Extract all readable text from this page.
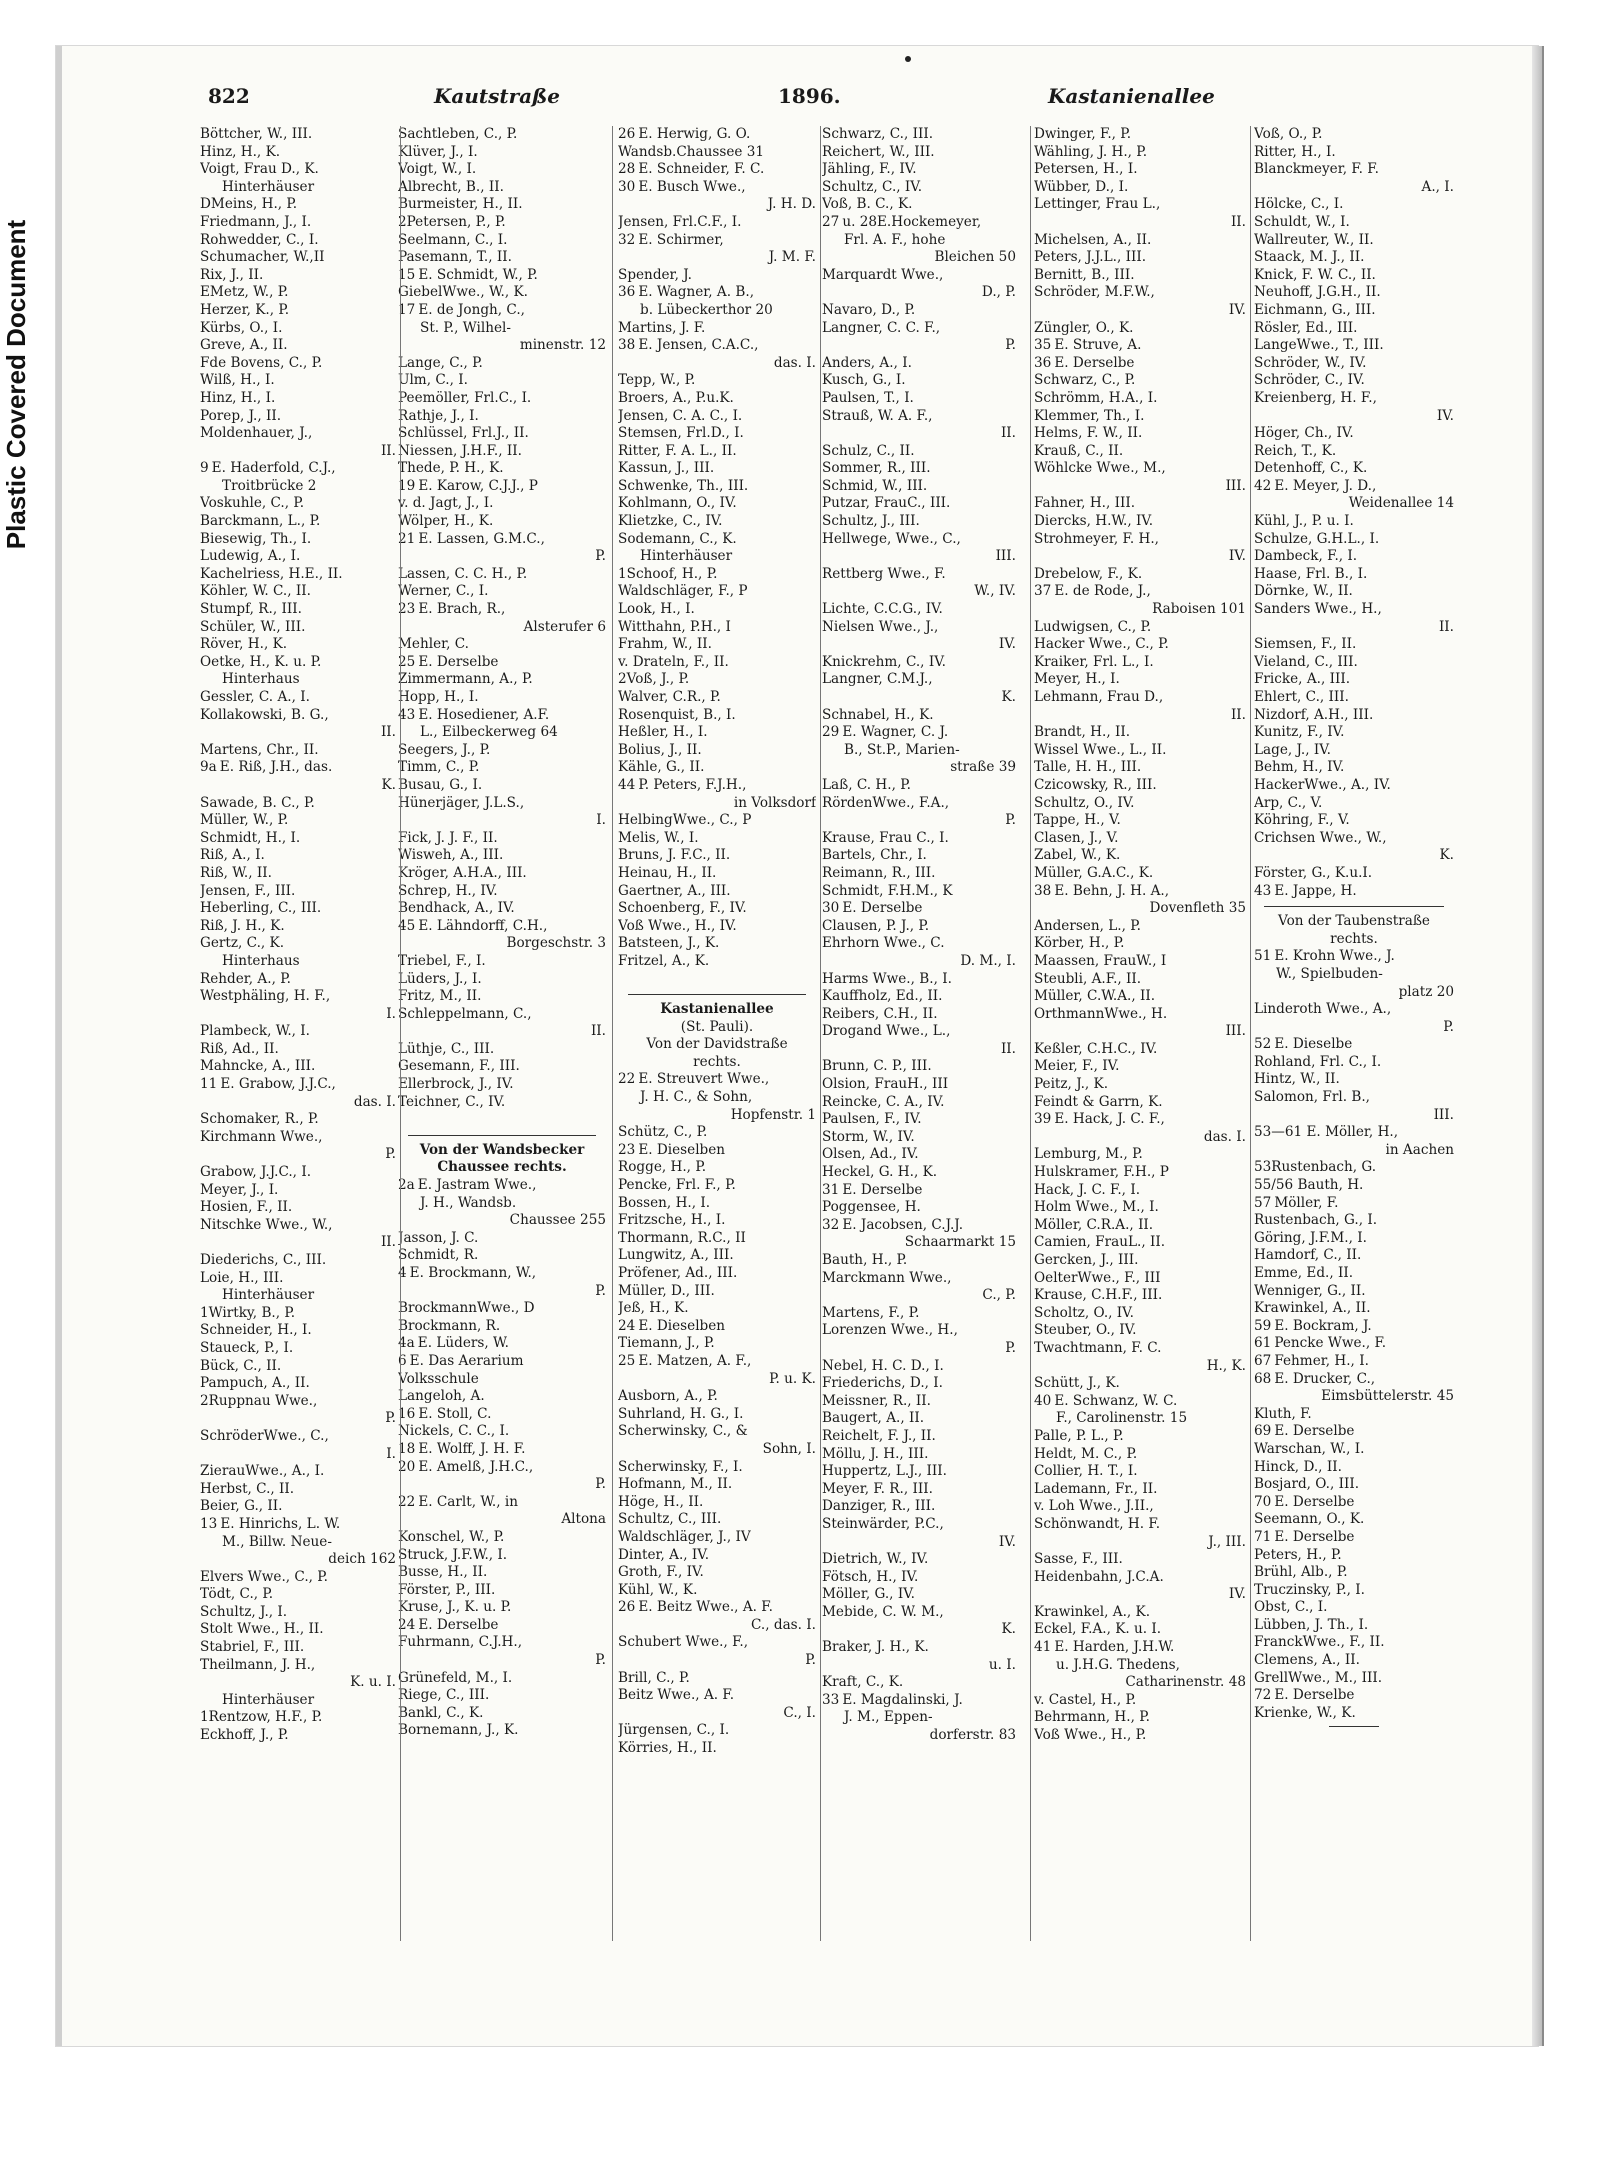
Plastic Covered Document
822	Kautstraße	1896.	Kastanienallee
Böttcher, W., III.
Hinz, H., K.
Voigt, Frau D., K.
Hinterhäuser
DMeins, H., P.
Friedmann, J., I.
Rohwedder, C., I.
Schumacher, W.,II
Rix, J., II.
EMetz, W., P.
Herzer, K., P.
Kürbs, O., I.
Greve, A., II.
Fde Bovens, C., P.
Wilß, H., I.
Hinz, H., I.
Porep, J., II.
Moldenhauer, J.,
II.
9 E. Haderfold, C.J.,
Troitbrücke 2
Voskuhle, C., P.
Barckmann, L., P.
Biesewig, Th., I.
Ludewig, A., I.
Kachelriess, H.E., II.
Köhler, W. C., II.
Stumpf, R., III.
Schüler, W., III.
Röver, H., K.
Oetke, H., K. u. P.
Hinterhaus
Gessler, C. A., I.
Kollakowski, B. G.,
II.
Martens, Chr., II.
9a E. Riß, J.H., das.
K.
Sawade, B. C., P.
Müller, W., P.
Schmidt, H., I.
Riß, A., I.
Riß, W., II.
Jensen, F., III.
Heberling, C., III.
Riß, J. H., K.
Gertz, C., K.
Hinterhaus
Rehder, A., P.
Westphäling, H. F.,
I.
Plambeck, W., I.
Riß, Ad., II.
Mahncke, A., III.
11 E. Grabow, J.J.C.,
das. I.
Schomaker, R., P.
Kirchmann Wwe.,
P.
Grabow, J.J.C., I.
Meyer, J., I.
Hosien, F., II.
Nitschke Wwe., W.,
II.
Diederichs, C., III.
Loie, H., III.
Hinterhäuser
1Wirtky, B., P.
Schneider, H., I.
Staueck, P., I.
Bück, C., II.
Pampuch, A., II.
2Ruppnau Wwe.,
P.
SchröderWwe., C.,
I.
ZierauWwe., A., I.
Herbst, C., II.
Beier, G., II.
13 E. Hinrichs, L. W.
M., Billw. Neue-
deich 162
Elvers Wwe., C., P.
Tödt, C., P.
Schultz, J., I.
Stolt Wwe., H., II.
Stabriel, F., III.
Theilmann, J. H.,
K. u. I.
Hinterhäuser
1Rentzow, H.F., P.
Eckhoff, J., P.
Sachtleben, C., P.
Klüver, J., I.
Voigt, W., I.
Albrecht, B., II.
Burmeister, H., II.
2Petersen, P., P.
Seelmann, C., I.
Pasemann, T., II.
15 E. Schmidt, W., P.
GiebelWwe., W., K.
17 E. de Jongh, C.,
St. P., Wilhel-
minenstr. 12
Lange, C., P.
Ulm, C., I.
Peemöller, Frl.C., I.
Rathje, J., I.
Schlüssel, Frl.J., II.
Niessen, J.H.F., II.
Thede, P. H., K.
19 E. Karow, C.J.J., P
v. d. Jagt, J., I.
Wölper, H., K.
21 E. Lassen, G.M.C.,
P.
Lassen, C. C. H., P.
Werner, C., I.
23 E. Brach, R.,
Alsterufer 6
Mehler, C.
25 E. Derselbe
Zimmermann, A., P.
Hopp, H., I.
43 E. Hosediener, A.F.
L., Eilbeckerweg 64
Seegers, J., P.
Timm, C., P.
Busau, G., I.
Hünerjäger, J.L.S.,
I.
Fick, J. J. F., II.
Wisweh, A., III.
Kröger, A.H.A., III.
Schrep, H., IV.
Bendhack, A., IV.
45 E. Lähndorff, C.H.,
Borgeschstr. 3
Triebel, F., I.
Lüders, J., I.
Fritz, M., II.
Schleppelmann, C.,
II.
Lüthje, C., III.
Gesemann, F., III.
Ellerbrock, J., IV.
Teichner, C., IV.
Von der Wandsbecker
Chaussee rechts.
2a E. Jastram Wwe.,
J. H., Wandsb.
Chaussee 255
Jasson, J. C.
Schmidt, R.
4 E. Brockmann, W.,
P.
BrockmannWwe., D
Brockmann, R.
4a E. Lüders, W.
6 E. Das Aerarium
Volksschule
Langeloh, A.
16 E. Stoll, C.
Nickels, C. C., I.
18 E. Wolff, J. H. F.
20 E. Amelß, J.H.C.,
P.
22 E. Carlt, W., in
Altona
Konschel, W., P.
Struck, J.F.W., I.
Busse, H., II.
Förster, P., III.
Kruse, J., K. u. P.
24 E. Derselbe
Fuhrmann, C.J.H.,
P.
Grünefeld, M., I.
Riege, C., III.
Bankl, C., K.
Bornemann, J., K.
26 E. Herwig, G. O.
Wandsb.Chaussee 31
28 E. Schneider, F. C.
30 E. Busch Wwe.,
J. H. D.
Jensen, Frl.C.F., I.
32 E. Schirmer,
J. M. F.
Spender, J.
36 E. Wagner, A. B.,
b. Lübeckerthor 20
Martins, J. F.
38 E. Jensen, C.A.C.,
das. I.
Tepp, W., P.
Broers, A., P.u.K.
Jensen, C. A. C., I.
Stemsen, Frl.D., I.
Ritter, F. A. L., II.
Kassun, J., III.
Schwenke, Th., III.
Kohlmann, O., IV.
Klietzke, C., IV.
Sodemann, C., K.
Hinterhäuser
1Schoof, H., P.
Waldschläger, F., P
Look, H., I.
Witthahn, P.H., I
Frahm, W., II.
v. Drateln, F., II.
2Voß, J., P.
Walver, C.R., P.
Rosenquist, B., I.
Heßler, H., I.
Bolius, J., II.
Kähle, G., II.
44 P. Peters, F.J.H.,
in Volksdorf
HelbingWwe., C., P
Melis, W., I.
Bruns, J. F.C., II.
Heinau, H., II.
Gaertner, A., III.
Schoenberg, F., IV.
Voß Wwe., H., IV.
Batsteen, J., K.
Fritzel, A., K.
Kastanienallee
(St. Pauli).
Von der Davidstraße
rechts.
22 E. Streuvert Wwe.,
J. H. C., & Sohn,
Hopfenstr. 1
Schütz, C., P.
23 E. Dieselben
Rogge, H., P.
Pencke, Frl. F., P.
Bossen, H., I.
Fritzsche, H., I.
Thormann, R.C., II
Lungwitz, A., III.
Pröfener, Ad., III.
Müller, D., III.
Jeß, H., K.
24 E. Dieselben
Tiemann, J., P.
25 E. Matzen, A. F.,
P. u. K.
Ausborn, A., P.
Suhrland, H. G., I.
Scherwinsky, C., &
Sohn, I.
Scherwinsky, F., I.
Hofmann, M., II.
Höge, H., II.
Schultz, C., III.
Waldschläger, J., IV
Dinter, A., IV.
Groth, F., IV.
Kühl, W., K.
26 E. Beitz Wwe., A. F.
C., das. I.
Schubert Wwe., F.,
P.
Brill, C., P.
Beitz Wwe., A. F.
C., I.
Jürgensen, C., I.
Körries, H., II.
Schwarz, C., III.
Reichert, W., III.
Jähling, F., IV.
Schultz, C., IV.
Voß, B. C., K.
27 u. 28E.Hockemeyer,
Frl. A. F., hohe
Bleichen 50
Marquardt Wwe.,
D., P.
Navaro, D., P.
Langner, C. C. F.,
P.
Anders, A., I.
Kusch, G., I.
Paulsen, T., I.
Strauß, W. A. F.,
II.
Schulz, C., II.
Sommer, R., III.
Schmid, W., III.
Putzar, FrauC., III.
Schultz, J., III.
Hellwege, Wwe., C.,
III.
Rettberg Wwe., F.
W., IV.
Lichte, C.C.G., IV.
Nielsen Wwe., J.,
IV.
Knickrehm, C., IV.
Langner, C.M.J.,
K.
Schnabel, H., K.
29 E. Wagner, C. J.
B., St.P., Marien-
straße 39
Laß, C. H., P.
RördenWwe., F.A.,
P.
Krause, Frau C., I.
Bartels, Chr., I.
Reimann, R., III.
Schmidt, F.H.M., K
30 E. Derselbe
Clausen, P. J., P.
Ehrhorn Wwe., C.
D. M., I.
Harms Wwe., B., I.
Kauffholz, Ed., II.
Reibers, C.H., II.
Drogand Wwe., L.,
II.
Brunn, C. P., III.
Olsion, FrauH., III
Reincke, C. A., IV.
Paulsen, F., IV.
Storm, W., IV.
Olsen, Ad., IV.
Heckel, G. H., K.
31 E. Derselbe
Poggensee, H.
32 E. Jacobsen, C.J.J.
Schaarmarkt 15
Bauth, H., P.
Marckmann Wwe.,
C., P.
Martens, F., P.
Lorenzen Wwe., H.,
P.
Nebel, H. C. D., I.
Friederichs, D., I.
Meissner, R., II.
Baugert, A., II.
Reichelt, F. J., II.
Möllu, J. H., III.
Huppertz, L.J., III.
Meyer, F. R., III.
Danziger, R., III.
Steinwärder, P.C.,
IV.
Dietrich, W., IV.
Fötsch, H., IV.
Möller, G., IV.
Mebide, C. W. M.,
K.
Braker, J. H., K.
u. I.
Kraft, C., K.
33 E. Magdalinski, J.
J. M., Eppen-
dorferstr. 83
Dwinger, F., P.
Wähling, J. H., P.
Petersen, H., I.
Wübber, D., I.
Lettinger, Frau L.,
II.
Michelsen, A., II.
Peters, J.J.L., III.
Bernitt, B., III.
Schröder, M.F.W.,
IV.
Züngler, O., K.
35 E. Struve, A.
36 E. Derselbe
Schwarz, C., P.
Schrömm, H.A., I.
Klemmer, Th., I.
Helms, F. W., II.
Krauß, C., II.
Wöhlcke Wwe., M.,
III.
Fahner, H., III.
Diercks, H.W., IV.
Strohmeyer, F. H.,
IV.
Drebelow, F., K.
37 E. de Rode, J.,
Raboisen 101
Ludwigsen, C., P.
Hacker Wwe., C., P.
Kraiker, Frl. L., I.
Meyer, H., I.
Lehmann, Frau D.,
II.
Brandt, H., II.
Wissel Wwe., L., II.
Talle, H. H., III.
Czicowsky, R., III.
Schultz, O., IV.
Tappe, H., V.
Clasen, J., V.
Zabel, W., K.
Müller, G.A.C., K.
38 E. Behn, J. H. A.,
Dovenfleth 35
Andersen, L., P.
Körber, H., P.
Maassen, FrauW., I
Steubli, A.F., II.
Müller, C.W.A., II.
OrthmannWwe., H.
III.
Keßler, C.H.C., IV.
Meier, F., IV.
Peitz, J., K.
Feindt & Garrn, K.
39 E. Hack, J. C. F.,
das. I.
Lemburg, M., P.
Hulskramer, F.H., P
Hack, J. C. F., I.
Holm Wwe., M., I.
Möller, C.R.A., II.
Camien, FrauL., II.
Gercken, J., III.
OelterWwe., F., III
Krause, C.H.F., III.
Scholtz, O., IV.
Steuber, O., IV.
Twachtmann, F. C.
H., K.
Schütt, J., K.
40 E. Schwanz, W. C.
F., Carolinenstr. 15
Palle, P. L., P.
Heldt, M. C., P.
Collier, H. T., I.
Lademann, Fr., II.
v. Loh Wwe., J.II.,
Schönwandt, H. F.
J., III.
Sasse, F., III.
Heidenbahn, J.C.A.
IV.
Krawinkel, A., K.
Eckel, F.A., K. u. I.
41 E. Harden, J.H.W.
u. J.H.G. Thedens,
Catharinenstr. 48
v. Castel, H., P.
Behrmann, H., P.
Voß Wwe., H., P.
Voß, O., P.
Ritter, H., I.
Blanckmeyer, F. F.
A., I.
Hölcke, C., I.
Schuldt, W., I.
Wallreuter, W., II.
Staack, M. J., II.
Knick, F. W. C., II.
Neuhoff, J.G.H., II.
Eichmann, G., III.
Rösler, Ed., III.
LangeWwe., T., III.
Schröder, W., IV.
Schröder, C., IV.
Kreienberg, H. F.,
IV.
Höger, Ch., IV.
Reich, T., K.
Detenhoff, C., K.
42 E. Meyer, J. D.,
Weidenallee 14
Kühl, J., P. u. I.
Schulze, G.H.L., I.
Dambeck, F., I.
Haase, Frl. B., I.
Dörnke, W., II.
Sanders Wwe., H.,
II.
Siemsen, F., II.
Vieland, C., III.
Fricke, A., III.
Ehlert, C., III.
Nizdorf, A.H., III.
Kunitz, F., IV.
Lage, J., IV.
Behm, H., IV.
HackerWwe., A., IV.
Arp, C., V.
Köhring, F., V.
Crichsen Wwe., W.,
K.
Förster, G., K.u.I.
43 E. Jappe, H.
Von der Taubenstraße
rechts.
51 E. Krohn Wwe., J.
W., Spielbuden-
platz 20
Linderoth Wwe., A.,
P.
52 E. Dieselbe
Rohland, Frl. C., I.
Hintz, W., II.
Salomon, Frl. B.,
III.
53—61 E. Möller, H.,
in Aachen
53Rustenbach, G.
55/56 Bauth, H.
57 Möller, F.
Rustenbach, G., I.
Göring, J.F.M., I.
Hamdorf, C., II.
Emme, Ed., II.
Wenniger, G., II.
Krawinkel, A., II.
59 E. Bockram, J.
61 Pencke Wwe., F.
67 Fehmer, H., I.
68 E. Drucker, C.,
Eimsbüttelerstr. 45
Kluth, F.
69 E. Derselbe
Warschan, W., I.
Hinck, D., II.
Bosjard, O., III.
70 E. Derselbe
Seemann, O., K.
71 E. Derselbe
Peters, H., P.
Brühl, Alb., P.
Truczinsky, P., I.
Obst, C., I.
Lübben, J. Th., I.
FranckWwe., F., II.
Clemens, A., II.
GrellWwe., M., III.
72 E. Derselbe
Krienke, W., K.
